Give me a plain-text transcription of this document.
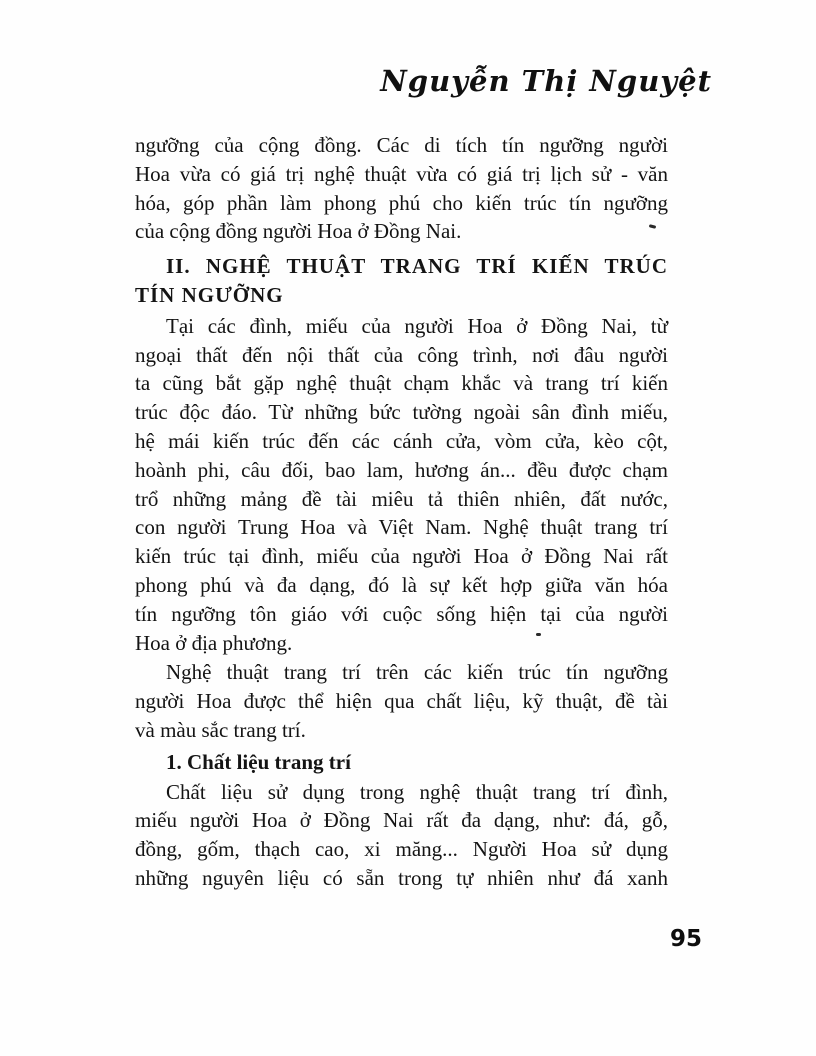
Nguyễn Thị Nguyệt
ngưỡng của cộng đồng. Các di tích tín ngưỡng người
Hoa vừa có giá trị nghệ thuật vừa có giá trị lịch sử - văn
hóa, góp phần làm phong phú cho kiến trúc tín ngưỡng
của cộng đồng người Hoa ở Đồng Nai.
II. NGHỆ THUẬT TRANG TRÍ KIẾN TRÚC
TÍN NGƯỠNG
Tại các đình, miếu của người Hoa ở Đồng Nai, từ
ngoại thất đến nội thất của công trình, nơi đâu người
ta cũng bắt gặp nghệ thuật chạm khắc và trang trí kiến
trúc độc đáo. Từ những bức tường ngoài sân đình miếu,
hệ mái kiến trúc đến các cánh cửa, vòm cửa, kèo cột,
hoành phi, câu đối, bao lam, hương án... đều được chạm
trổ những mảng đề tài miêu tả thiên nhiên, đất nước,
con người Trung Hoa và Việt Nam. Nghệ thuật trang trí
kiến trúc tại đình, miếu của người Hoa ở Đồng Nai rất
phong phú và đa dạng, đó là sự kết hợp giữa văn hóa
tín ngưỡng tôn giáo với cuộc sống hiện tại của người
Hoa ở địa phương.
Nghệ thuật trang trí trên các kiến trúc tín ngưỡng
người Hoa được thể hiện qua chất liệu, kỹ thuật, đề tài
và màu sắc trang trí.
1. Chất liệu trang trí
Chất liệu sử dụng trong nghệ thuật trang trí đình,
miếu người Hoa ở Đồng Nai rất đa dạng, như: đá, gỗ,
đồng, gốm, thạch cao, xi măng... Người Hoa sử dụng
những nguyên liệu có sẵn trong tự nhiên như đá xanh
95
